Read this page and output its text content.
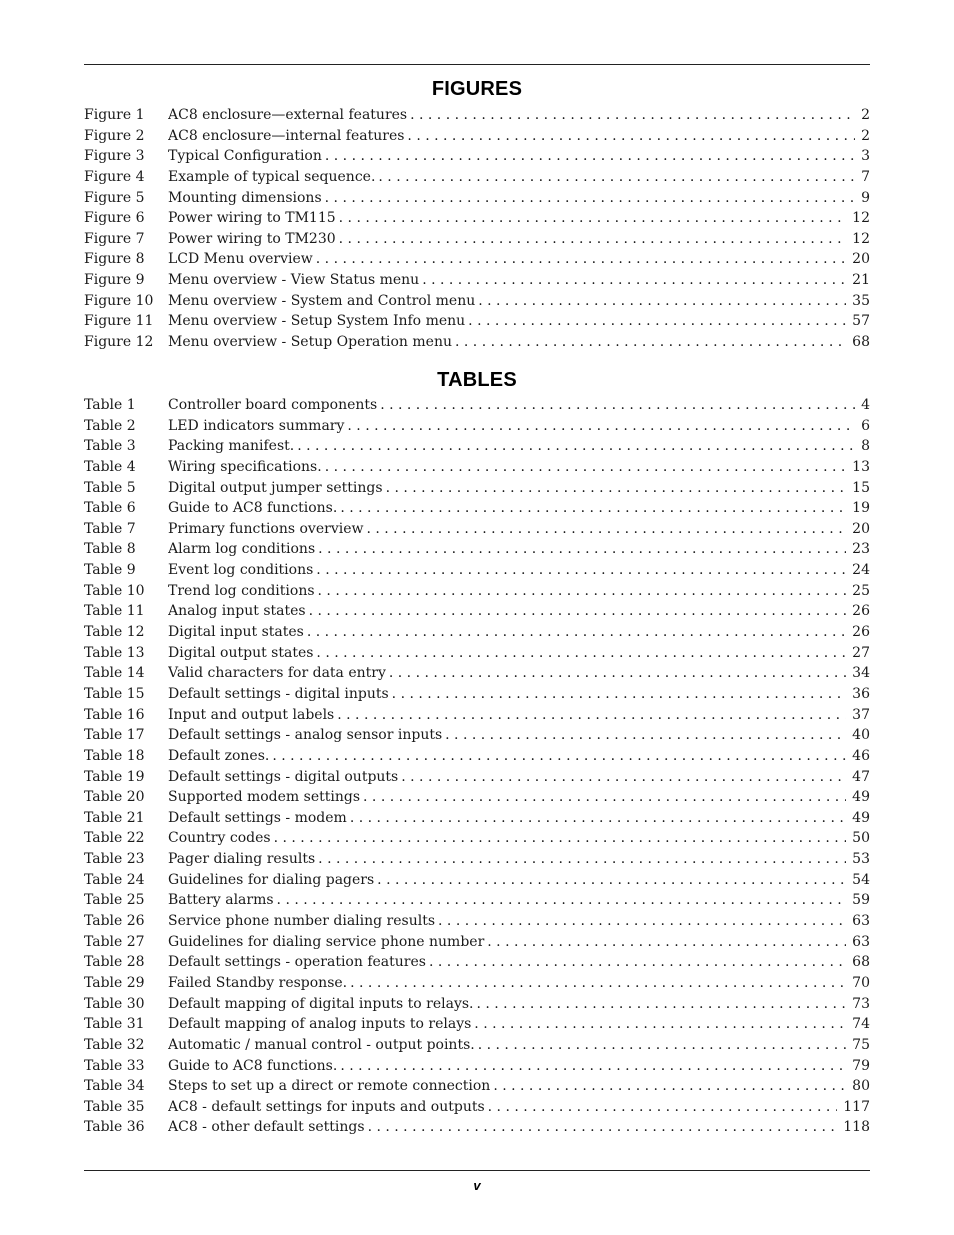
FIGURES
Figure 1	AC8 enclosure—external features . . .	2
Figure 2	AC8 enclosure—internal features . . .	2
Figure 3	Typical Configuration . . .	3
Figure 4	Example of typical sequence. . . .	7
Figure 5	Mounting dimensions . . .	9
Figure 6	Power wiring to TM115 . . .	12
Figure 7	Power wiring to TM230 . . .	12
Figure 8	LCD Menu overview . . .	20
Figure 9	Menu overview - View Status menu . . .	21
Figure 10	Menu overview - System and Control menu . . .	35
Figure 11	Menu overview - Setup System Info menu . . .	57
Figure 12	Menu overview - Setup Operation menu . . .	68
TABLES
Table 1	Controller board components . . .	4
Table 2	LED indicators summary . . .	6
Table 3	Packing manifest. . . .	8
Table 4	Wiring specifications. . . .	13
Table 5	Digital output jumper settings . . .	15
Table 6	Guide to AC8 functions. . . .	19
Table 7	Primary functions overview . . .	20
Table 8	Alarm log conditions . . .	23
Table 9	Event log conditions . . .	24
Table 10	Trend log conditions . . .	25
Table 11	Analog input states . . .	26
Table 12	Digital input states . . .	26
Table 13	Digital output states . . .	27
Table 14	Valid characters for data entry . . .	34
Table 15	Default settings - digital inputs . . .	36
Table 16	Input and output labels . . .	37
Table 17	Default settings - analog sensor inputs . . .	40
Table 18	Default zones. . . .	46
Table 19	Default settings - digital outputs . . .	47
Table 20	Supported modem settings . . .	49
Table 21	Default settings - modem . . .	49
Table 22	Country codes . . .	50
Table 23	Pager dialing results . . .	53
Table 24	Guidelines for dialing pagers . . .	54
Table 25	Battery alarms . . .	59
Table 26	Service phone number dialing results . . .	63
Table 27	Guidelines for dialing service phone number . . .	63
Table 28	Default settings - operation features . . .	68
Table 29	Failed Standby response. . . .	70
Table 30	Default mapping of digital inputs to relays. . . .	73
Table 31	Default mapping of analog inputs to relays . . .	74
Table 32	Automatic / manual control - output points. . . .	75
Table 33	Guide to AC8 functions. . . .	79
Table 34	Steps to set up a direct or remote connection . . .	80
Table 35	AC8 - default settings for inputs and outputs . . .	117
Table 36	AC8 - other default settings . . .	118
v
